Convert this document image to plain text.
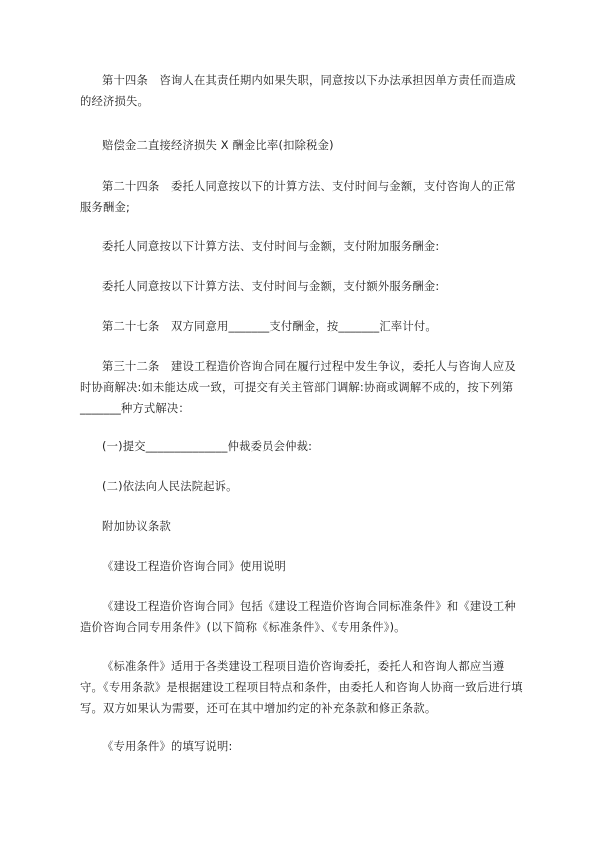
第十四条　咨询人在其责任期内如果失职，同意按以下办法承担因单方责任而造成的经济损失。

赔偿金二直接经济损失 X 酬金比率(扣除税金)

第二十四条　委托人同意按以下的计算方法、支付时间与金额，支付咨询人的正常服务酬金;

委托人同意按以下计算方法、支付时间与金额，支付附加服务酬金:

委托人同意按以下计算方法、支付时间与金额，支付额外服务酬金:

第二十七条　双方同意用_______支付酬金，按_______汇率计付。

第三十二条　建设工程造价咨询合同在履行过程中发生争议，委托人与咨询人应及时协商解决:如未能达成一致，可提交有关主管部门调解:协商或调解不成的，按下列第_______种方式解决：

(一)提交______________仲裁委员会仲裁:

(二)依法向人民法院起诉。

附加协议条款

《建设工程造价咨询合同》使用说明

《建设工程造价咨询合同》包括《建设工程造价咨询合同标准条件》和《建设工种造价咨询合同专用条件》(以下简称《标准条件》、《专用条件》)。

《标准条件》适用于各类建设工程项目造价咨询委托，委托人和咨询人都应当遵守。《专用条款》是根据建设工程项目特点和条件，由委托人和咨询人协商一致后进行填写。双方如果认为需要，还可在其中增加约定的补充条款和修正条款。

《专用条件》的填写说明:
